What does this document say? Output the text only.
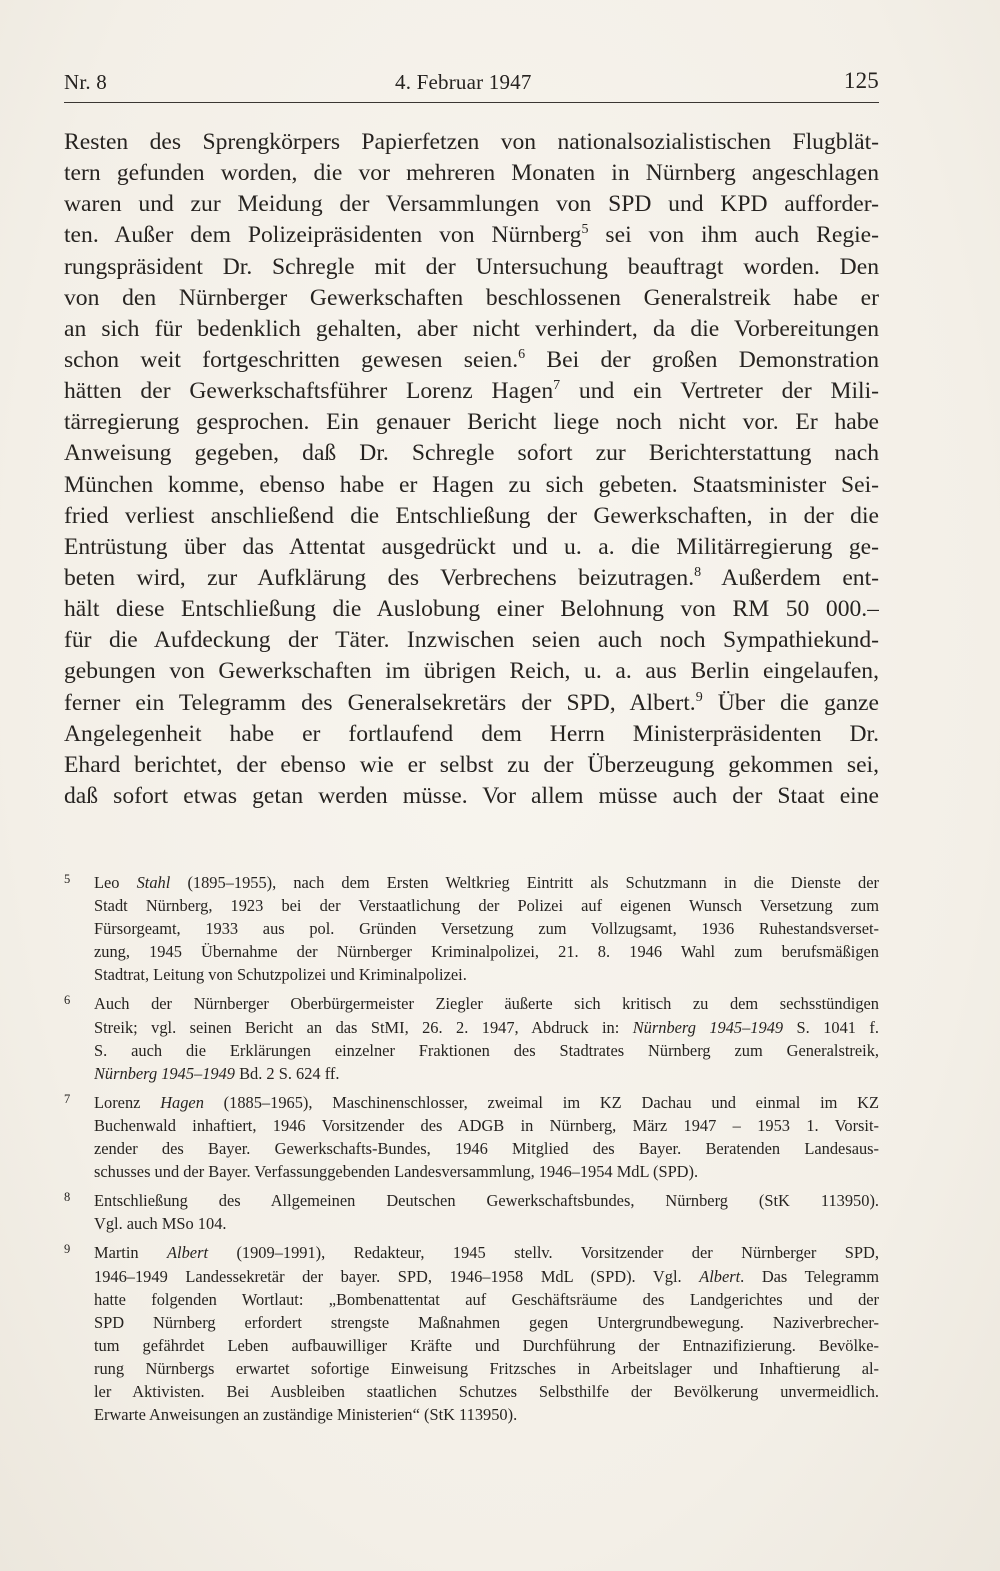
Nr. 8	4. Februar 1947	125
Resten des Sprengkörpers Papierfetzen von nationalsozialistischen Flugblät-
tern gefunden worden, die vor mehreren Monaten in Nürnberg angeschlagen
waren und zur Meidung der Versammlungen von SPD und KPD aufforder-
ten. Außer dem Polizeipräsidenten von Nürnberg$^5$ sei von ihm auch Regie-
rungspräsident Dr. Schregle mit der Untersuchung beauftragt worden. Den
von den Nürnberger Gewerkschaften beschlossenen Generalstreik habe er
an sich für bedenklich gehalten, aber nicht verhindert, da die Vorbereitungen
schon weit fortgeschritten gewesen seien.$^6$ Bei der großen Demonstration
hätten der Gewerkschaftsführer Lorenz Hagen$^7$ und ein Vertreter der Mili-
tärregierung gesprochen. Ein genauer Bericht liege noch nicht vor. Er habe
Anweisung gegeben, daß Dr. Schregle sofort zur Berichterstattung nach
München komme, ebenso habe er Hagen zu sich gebeten. Staatsminister Sei-
fried verliest anschließend die Entschließung der Gewerkschaften, in der die
Entrüstung über das Attentat ausgedrückt und u. a. die Militärregierung ge-
beten wird, zur Aufklärung des Verbrechens beizutragen.$^8$ Außerdem ent-
hält diese Entschließung die Auslobung einer Belohnung von RM 50 000.–
für die Aufdeckung der Täter. Inzwischen seien auch noch Sympathiekund-
gebungen von Gewerkschaften im übrigen Reich, u. a. aus Berlin eingelaufen,
ferner ein Telegramm des Generalsekretärs der SPD, Albert.$^9$ Über die ganze
Angelegenheit habe er fortlaufend dem Herrn Ministerpräsidenten Dr.
Ehard berichtet, der ebenso wie er selbst zu der Überzeugung gekommen sei,
daß sofort etwas getan werden müsse. Vor allem müsse auch der Staat eine
5 Leo Stahl (1895–1955), nach dem Ersten Weltkrieg Eintritt als Schutzmann in die Dienste der
Stadt Nürnberg, 1923 bei der Verstaatlichung der Polizei auf eigenen Wunsch Versetzung zum
Fürsorgeamt, 1933 aus pol. Gründen Versetzung zum Vollzugsamt, 1936 Ruhestandsverset-
zung, 1945 Übernahme der Nürnberger Kriminalpolizei, 21. 8. 1946 Wahl zum berufsmäßigen
Stadtrat, Leitung von Schutzpolizei und Kriminalpolizei.
6 Auch der Nürnberger Oberbürgermeister Ziegler äußerte sich kritisch zu dem sechsstündigen
Streik; vgl. seinen Bericht an das StMI, 26. 2. 1947, Abdruck in: Nürnberg 1945–1949 S. 1041 f.
S. auch die Erklärungen einzelner Fraktionen des Stadtrates Nürnberg zum Generalstreik,
Nürnberg 1945–1949 Bd. 2 S. 624 ff.
7 Lorenz Hagen (1885–1965), Maschinenschlosser, zweimal im KZ Dachau und einmal im KZ
Buchenwald inhaftiert, 1946 Vorsitzender des ADGB in Nürnberg, März 1947 – 1953 1. Vorsit-
zender des Bayer. Gewerkschafts-Bundes, 1946 Mitglied des Bayer. Beratenden Landesaus-
schusses und der Bayer. Verfassunggebenden Landesversammlung, 1946–1954 MdL (SPD).
8 Entschließung des Allgemeinen Deutschen Gewerkschaftsbundes, Nürnberg (StK 113950).
Vgl. auch MSo 104.
9 Martin Albert (1909–1991), Redakteur, 1945 stellv. Vorsitzender der Nürnberger SPD,
1946–1949 Landessekretär der bayer. SPD, 1946–1958 MdL (SPD). Vgl. Albert. Das Telegramm
hatte folgenden Wortlaut: „Bombenattentat auf Geschäftsräume des Landgerichtes und der
SPD Nürnberg erfordert strengste Maßnahmen gegen Untergrundbewegung. Naziverbrecher-
tum gefährdet Leben aufbauwilliger Kräfte und Durchführung der Entnazifizierung. Bevölke-
rung Nürnbergs erwartet sofortige Einweisung Fritzsches in Arbeitslager und Inhaftierung al-
ler Aktivisten. Bei Ausbleiben staatlichen Schutzes Selbsthilfe der Bevölkerung unvermeidlich.
Erwarte Anweisungen an zuständige Ministerien“ (StK 113950).
